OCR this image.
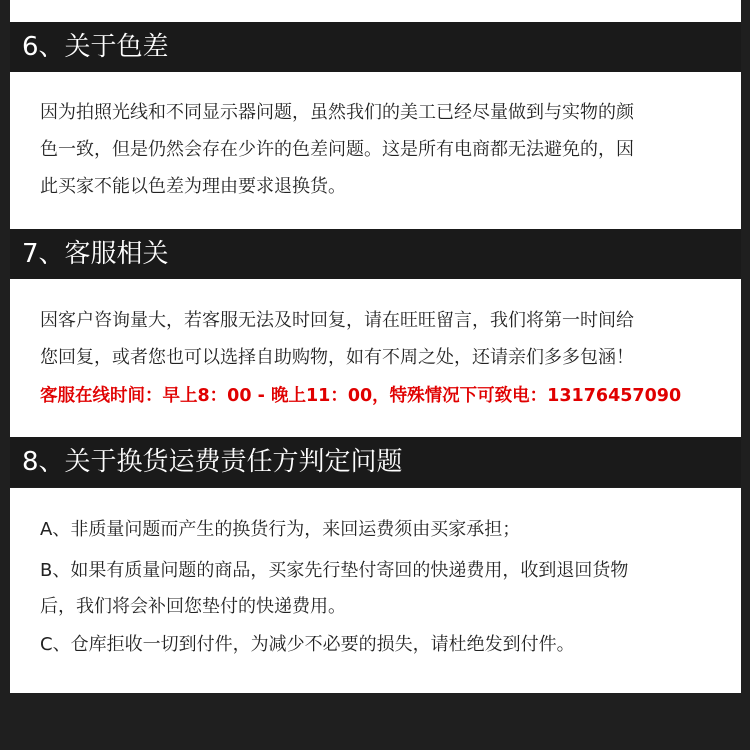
6、关于色差
因为拍照光线和不同显示器问题，虽然我们的美工已经尽量做到与实物的颜
色一致，但是仍然会存在少许的色差问题。这是所有电商都无法避免的，因
此买家不能以色差为理由要求退换货。
7、客服相关
因客户咨询量大，若客服无法及时回复，请在旺旺留言，我们将第一时间给
您回复，或者您也可以选择自助购物，如有不周之处，还请亲们多多包涵！
客服在线时间：早上8：00 - 晚上11：00，特殊情况下可致电：13176457090
8、关于换货运费责任方判定问题
A、非质量问题而产生的换货行为，来回运费须由买家承担；
B、如果有质量问题的商品，买家先行垫付寄回的快递费用，收到退回货物
后，我们将会补回您垫付的快递费用。
C、仓库拒收一切到付件，为减少不必要的损失，请杜绝发到付件。
